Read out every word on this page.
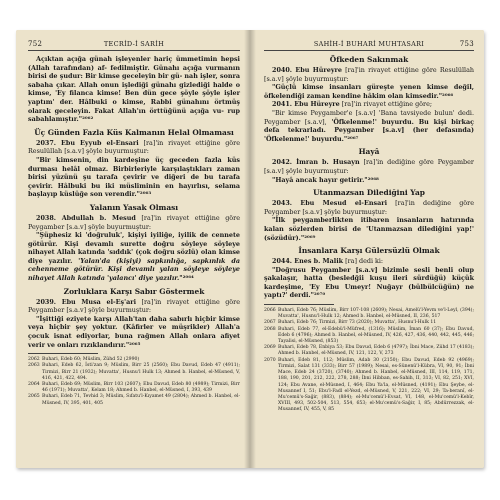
752	TECRİD-İ SARİH

Açıktan açığa günah işleyenler hariç ümmetimin hepsi (Allah tarafından) af- fedilmiştir. Günahı açığa vurmanın birisi de şudur: Bir kimse geceleyin bir gü- nah işler, sonra sabaha çıkar. Allah onun işlediği günahı gizlediği halde o kimse, 'Ey filanca kimse! Ben dün gece şöyle şöyle işler yaptım' der. Hâlbuki o kimse, Rabbi günahını örtmüş olarak geceleyin. Fakat Allah'ın örttüğünü açığa vu- rup sabahlamıştır."²⁰⁶²

Üç Günden Fazla Küs Kalmanın Helal Olmaması

2037. Ebu Eyyub el-Ensari [ra]'in rivayet ettiğine göre Resulüllah [s.a.v] şöyle buyurmuştur:

"Bir kimsenin, din kardeşine üç geceden fazla küs durması helâl olmaz. Birbirleriyle karşılaştıkları zaman birisi yüzünü şu tarafa çevirir ve diğeri de bu tarafa çevirir. Hâlbuki bu iki müsliminin en hayırlısı, selama başlayıp küslüğe son verendir."²⁰⁶³

Yalanın Yasak Olması

2038. Abdullah b. Mesud [ra]'in rivayet ettiğine göre Peygamber [s.a.v] şöyle buyurmuştur:

"Şüphesiz ki 'doğruluk', kişiyi iyiliğe, iyilik de cennete götürür. Kişi devamlı surette doğru söyleye söyleye nihayet Allah katında 'sıddık' (çok doğru sözlü) olan kimse diye yazılır. 'Yalan'da (kişiyi) sapkınlığa, sapkınlık da cehenneme götürür. Kişi devamlı yalan söyleye söyleye nihayet Allah katında 'yalancı' diye yazılır."²⁰⁶⁴

Zorluklara Karşı Sabır Göstermek

2039. Ebu Musa el-Eş'ari [ra]'in rivayet ettiğine göre Peygamber [s.a.v] şöyle buyurmuştur:

"İşittiği eziyete karşı Allah'tan daha sabırlı hiçbir kimse veya hiçbir şey yoktur. (Kâfirler ve müşrikler) Allah'a çocuk isnat ediyorlar, buna rağmen Allah onlara afiyet verir ve onları rızıklandırır."²⁰⁶⁵

2062 Buhari, Edeb 60; Müslim, Zühd 52 (2990)
2063 Buhari, Edeb 62, İsti'zan 9; Müslim, Birr 25 (2560); Ebu Davud, Edeb 47 (4911); Tirmizi, Birr 21 (1932); Muvatta', Husnu'l Hulk 13; Ahmed b. Hanbel, el-Müsned, V, 416, 421, 422, 494.
2064 Buhari, Edeb 69; Müslim, Birr 103 (2607); Ebu Davud, Edeb 80 (4989); Tirmizi, Birr 46 (1971); Muvatta', Kelam 18; Ahmed b. Hanbel, el-Müsned, I, 393, 439
2065 Buhari, Edeb 71, Tevhid 3; Müslim, Sıfatu'l-Kıyamet 49 (2804); Ahmed b. Hanbel, el-Müsned, IV, 395, 401, 405
SAHİH-İ BUHARİ MUHTASARI	753
Öfkeden Sakınmak

2040. Ebu Hüreyre [ra]'in rivayet ettiğine göre Resulüllah [s.a.v] şöyle buyurmuştur:

"Güçlü kimse insanları güreşte yenen kimse değil, öfkelendiği zaman kendine hâkim olan kimsedir."²⁰⁶⁶

2041. Ebu Hüreyre [ra]'in rivayet ettiğine göre;

"Bir kimse Peygamber'e [s.a.v] 'Bana tavsiyede bulun' dedi. Peygamber [s.a.v], 'Öfkelenme!' buyurdu. Bu kişi birkaç defa tekrarladı. Peygamber [s.a.v] (her defasında) 'Öfkelenme!' buyurdu."²⁰⁶⁷

Hayâ

2042. İmran b. Husayn [ra]'in dediğine göre Peygamber [s.a.v] şöyle buyurmuştur:

"Hayâ ancak hayır getirir."²⁰⁶⁸

Utanmazsan Dilediğini Yap

2043. Ebu Mesud el-Ensari [ra]'in dediğine göre Peygamber [s.a.v] şöyle buyurmuştur:

"İlk peygamberlikten itibaren insanların hatırında kalan sözlerden birisi de 'Utanmazsan dilediğini yap!' (sözüdür)."²⁰⁶⁹

İnsanlara Karşı Gülersüzlü Olmak

2044. Enes b. Malik [ra] dedi ki:

"Doğrusu Peygamber [s.a.v] bizimle sesli benli olup şakalaşır, hatta (besledğii kuşu ileri sürdüğü) küçük kardeşime, 'Ey Ebu Umeyr! Nuğayr (bülbülcüğün) ne yaptı?' derdi."²⁰⁷⁰

2066 Buhari, Edeb 76; Müslim, Birr 107-108 (2609); Nesai, Amelü'l-Yevm ve'l-Leyl, (394); Muvatta', Husnu'l-Hulk 12; Ahmed b. Hanbel, el-Müsned, II, 236, 517
2067 Buhari, Edeb 76; Tirmizi, Birr 73 (2020); Muvatta', Husnu'l-Hulk 11
2068 Buhari, Edeb 77, el-Edebü'l-Müfred, (1316); Müslim, İman 60 (37); Ebu Davud, Edeb 6 (4796); Ahmed b. Hanbel, el-Müsned, IV, 426, 427, 436, 440, 442, 445, 446; Tayalisi, el-Müsned, (853)
2069 Buhari, Edeb 78, Enbiya 53; Ebu Davud, Edeb 6 (4797); İbni Mace, Zühd 17 (4183); Ahmed b. Hanbel, el-Müsned, IV, 121, 122, V, 273
2070 Buhari, Edeb 81, 112; Müslim, Adab 30 (2150); Ebu Davud, Edeb 92 (4969); Tirmizi, Salat 131 (333); Birr 57 (1989); Nesai, es-Sünenü'l-Kübra, VI, 90, 91; İbni Mace, Edeb 24 (3720), (3740); Ahmed b. Hanbel, el-Müsned, III, 114, 119, 171, 188, 190, 201, 212, 222, 278, 288; İbni Hibban, es-Sahih, II, 313; VI, 82, 251; XVI, 124; Ebu Avane, el-Müsned, I, 464; Ebu Ya'la, el-Müsned, (4191); Ebu Şeybe, el-Musannef I, 51; Ebu'l-Fadl el-Yezd, el-Müsned, V, 221, 222; VI, 29; Ta-beranî, el-Mu'cemü's-Sağir, (883), (884); el-Mu'cemü'l-Evsat, VI, 148, el-Mu'cemü'l-Kebîr, XVIII, 493, 502-504, 513, 554, 653; el-Mu'cemü's-Sağir, I, 85; Abdürrezzak, el-Musannef, IV, 455, V, 85
